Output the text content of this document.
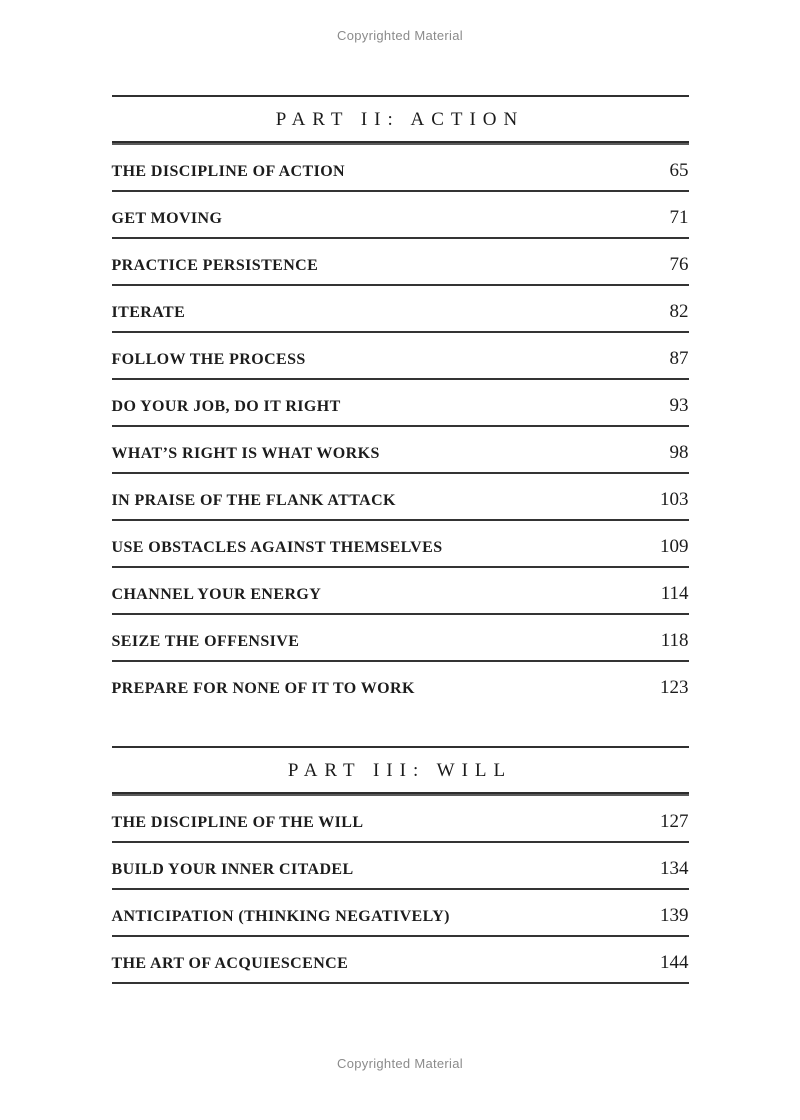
Copyrighted Material
PART II: ACTION
THE DISCIPLINE OF ACTION	65
GET MOVING	71
PRACTICE PERSISTENCE	76
ITERATE	82
FOLLOW THE PROCESS	87
DO YOUR JOB, DO IT RIGHT	93
WHAT’S RIGHT IS WHAT WORKS	98
IN PRAISE OF THE FLANK ATTACK	103
USE OBSTACLES AGAINST THEMSELVES	109
CHANNEL YOUR ENERGY	114
SEIZE THE OFFENSIVE	118
PREPARE FOR NONE OF IT TO WORK	123
PART III: WILL
THE DISCIPLINE OF THE WILL	127
BUILD YOUR INNER CITADEL	134
ANTICIPATION (THINKING NEGATIVELY)	139
THE ART OF ACQUIESCENCE	144
Copyrighted Material
